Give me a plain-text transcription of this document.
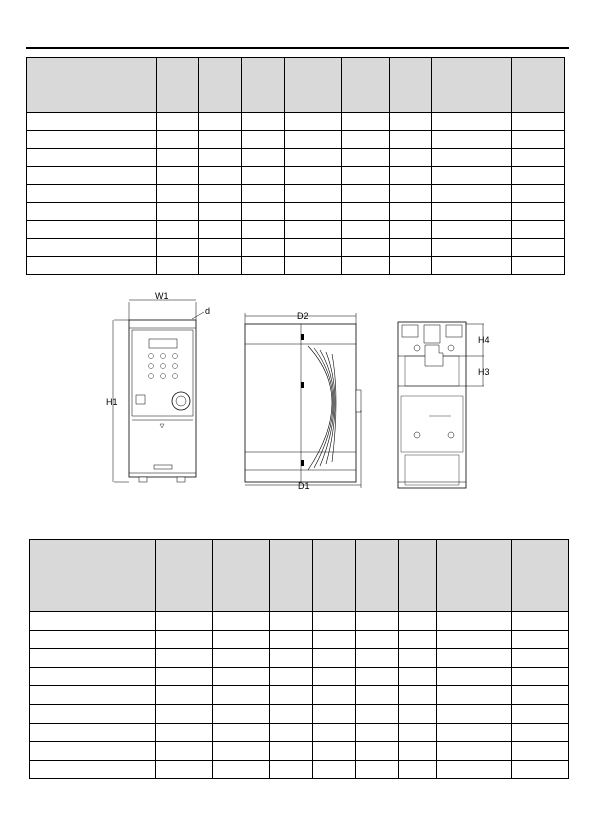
W1
d
H1
D2
D1
H4
H3
